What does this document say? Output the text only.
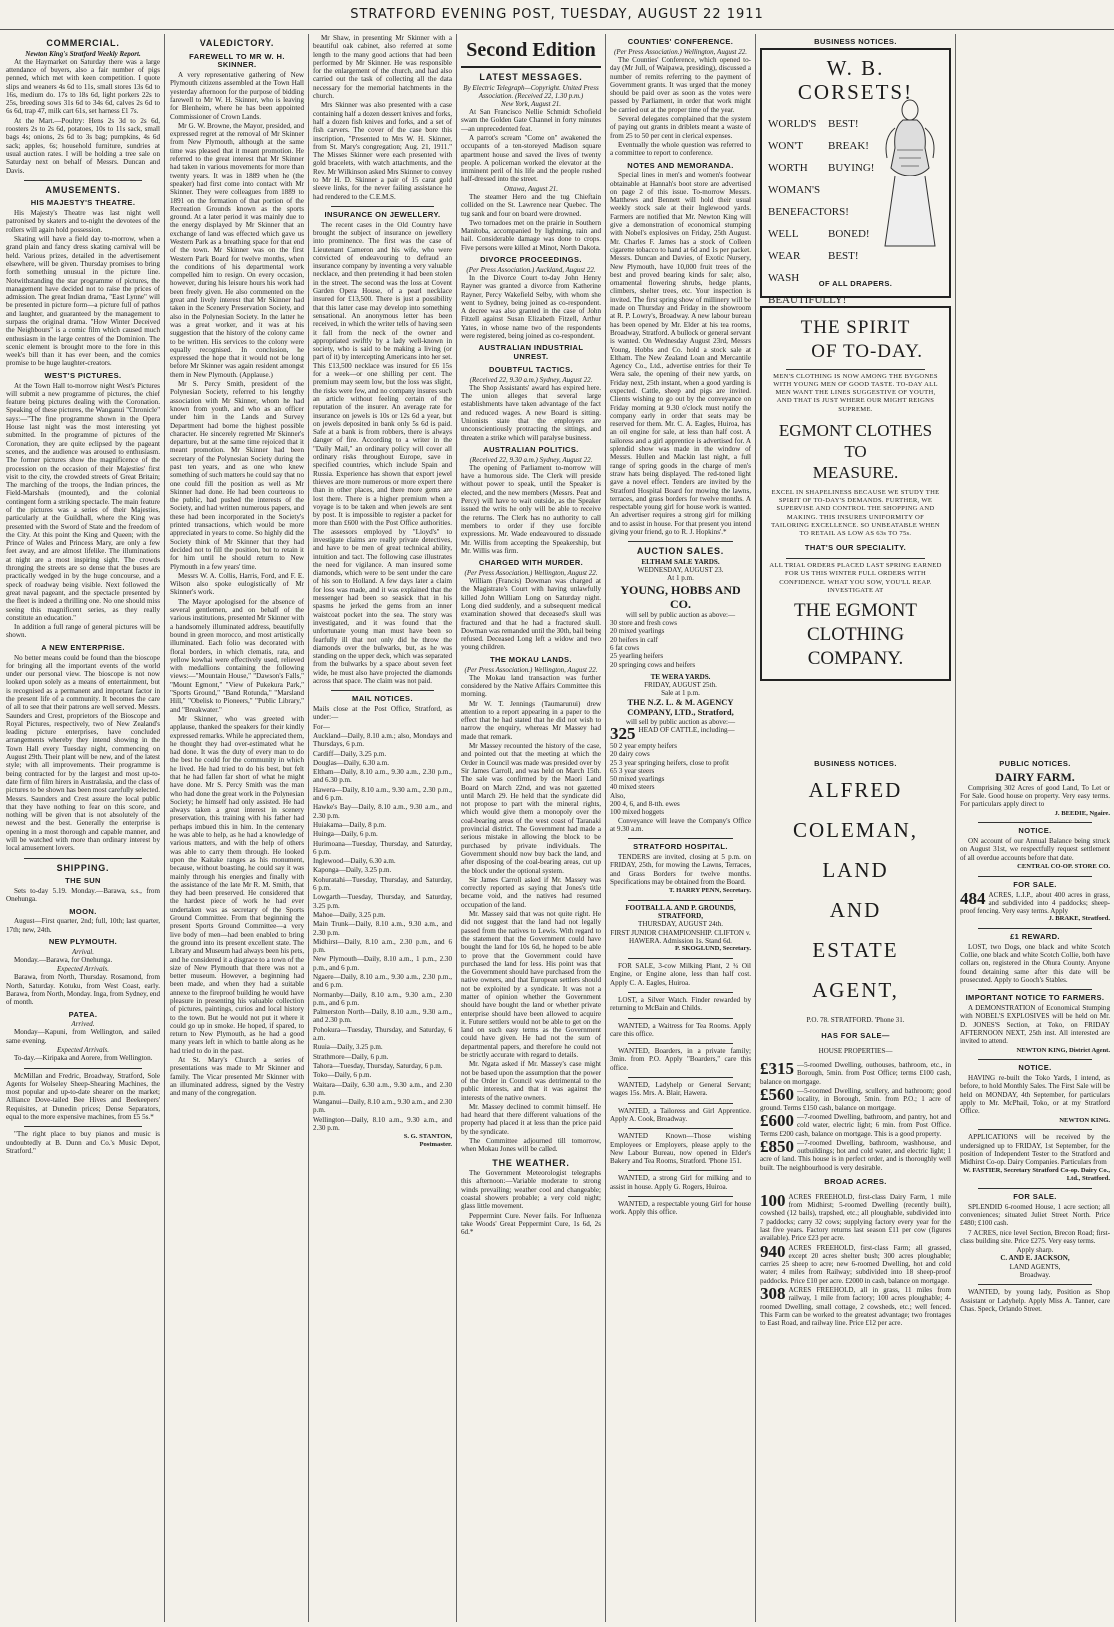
STRATFORD EVENING POST, TUESDAY, AUGUST 22 1911
COMMERCIAL.
Newton King's Stratford Weekly Report.

At the Haymarket on Saturday there was a large attendance of buyers, also a fair number of pigs penned, which met with keen competition. I quote slips and weaners 4s 6d to 11s, small stores 13s 6d to 16s, medium do. 17s to 18s 6d, light porkers 22s to 25s, breeding sows 31s 6d to 34s 6d, calves 2s 6d to 6s 6d, trap 47, milk cart 61s, set harness £1 7s.

At the Mart.—Poultry: Hens 2s 3d to 2s 6d, roosters 2s to 2s 6d, potatoes, 10s to 11s sack, small bags 4s; onions, 2s 6d to 3s bag; pumpkins, 4s 6d sack; apples, 6s; household furniture, sundries at usual auction rates. I will be holding a tree sale on Saturday next on behalf of Messrs. Duncan and Davis.

AMUSEMENTS.
HIS MAJESTY'S THEATRE.

His Majesty's Theatre was last night well patronised by skaters and to-night the devotees of the rollers will again hold possession.

Skating will have a field day to-morrow, when a grand plain and fancy dress skating carnival will be held. Various prizes, detailed in the advertisement elsewhere, will be given. Thursday promises to bring forth something unusual in the picture line. Notwithstanding the star programme of pictures, the management have decided not to raise the prices of admission. The great Indian drama, "East Lynne" will be presented in picture form—a picture full of pathos and laughter, and guaranteed by the management to surpass the original drama. "How Winter Deceived the Neighbours" is a comic film which caused much enthusiasm in the large centres of the Dominion. The scenic element is brought more to the fore in this week's bill than it has ever been, and the comics promise to be huge laughter-creators.

WEST'S PICTURES.

At the Town Hall to-morrow night West's Pictures will submit a new programme of pictures, the chief feature being pictures dealing with the Coronation. Speaking of these pictures, the Wanganui "Chronicle" says:—"The fine programme shown in the Opera House last night was the most interesting yet submitted. In the programme of pictures of the Coronation, they are quite eclipsed by the pageant scenes, and the audience was aroused to enthusiasm. The former pictures show the magnificence of the procession on the occasion of their Majesties' first visit to the city, the crowded streets of Great Britain; The marching of the troops, the Indian princes, the Field-Marshals (mounted), and the colonial contingent form a striking spectacle. The main feature of the pictures was a series of their Majesties, particularly at the Guildhall, where the King was presented with the Sword of State and the freedom of the City. At this point the King and Queen; with the Prince of Wales and Princess Mary, are only a few feet away, and are almost lifelike. The illuminations at night are a most inspiring sight. The crowds thronging the streets are so dense that the buses are practically wedged in by the huge concourse, and a speck of roadway being visible. Next followed the great naval pageant, and the spectacle presented by the fleet is indeed a thrilling one. No one should miss seeing this magnificent series, as they really constitute an education."

In addition a full range of general pictures will be shown.

A NEW ENTERPRISE.

No better means could be found than the bioscope for bringing all the important events of the world under our personal view. The bioscope is not now looked upon solely as a means of entertainment, but is recognised as a permanent and important factor in the present life of a community. It becomes the care of all to see that their patrons are well served. Messrs. Saunders and Crest, proprietors of the Bioscope and Royal Pictures, respectively, two of New Zealand's leading picture enterprises, have concluded arrangements whereby they intend showing in the Town Hall every Tuesday night, commencing on August 29th. Their plant will be new, and of the latest style; with all improvements. Their programme is being contracted for by the largest and most up-to-date firm of film hirers in Australasia, and the class of pictures to be shown has been most carefully selected. Messrs. Saunders and Crest assure the local public that they have nothing to fear on this score, and nothing will be given that is not absolutely of the newest and the best. Generally the enterprise is opening in a most thorough and capable manner, and will be watched with more than ordinary interest by local amusement lovers.

SHIPPING.
THE SUN

Sets to-day 5.19. Monday.—Barawa, s.s., from Onehunga.

MOON.

August—First quarter, 2nd; full, 10th; last quarter, 17th; new, 24th.

NEW PLYMOUTH.
Arrival.

Monday.—Barawa, for Onehunga.

Expected Arrivals.

Barawa, from North, Thursday. Rosamond, from North, Saturday. Kotuku, from West Coast, early. Barawa, from North, Monday. Inga, from Sydney, end of month.

PATEA.
Arrived.

Monday—Kapuni, from Wellington, and sailed same evening.

Expected Arrivals.

To-day.—Kiripaka and Aorere, from Wellington.

McMillan and Fredric, Broadway, Stratford, Sole Agents for Wolseley Sheep-Shearing Machines, the most popular and up-to-date shearer on the market; Alliance Dove-tailed Bee Hives and Beekeepers' Requisites, at Dunedin prices; Dense Separators, equal to the more expensive machines, from £5 5s.*

"The right place to buy pianos and music is undoubtedly at B. Dunn and Co.'s Music Depot, Stratford."

VALEDICTORY.
FAREWELL TO MR W. H. SKINNER.

A very representative gathering of New Plymouth citizens assembled at the Town Hall yesterday afternoon for the purpose of bidding farewell to Mr W. H. Skinner, who is leaving for Blenheim, where he has been appointed Commissioner of Crown Lands.

Mr G. W. Browne, the Mayor, presided, and expressed regret at the removal of Mr Skinner from New Plymouth, although at the same time was pleased that it meant promotion. He referred to the great interest that Mr Skinner had taken in various movements for more than twenty years. It was in 1889 when he (the speaker) had first come into contact with Mr Skinner. They were colleagues from 1889 to 1891 on the formation of that portion of the Recreation Grounds known as the sports ground. At a later period it was mainly due to the energy displayed by Mr Skinner that an exchange of land was effected which gave us Western Park as a breathing space for that end of the town. Mr Skinner was on the first Western Park Board for twelve months, when the conditions of his departmental work compelled him to resign. On every occasion, however, during his leisure hours his work had been freely given. He also commented on the great and lively interest that Mr Skinner had taken in the Scenery Preservation Society, and also in the Polynesian Society. In the latter he was a great worker, and it was at his suggestion that the history of the colony came to be written. His services to the colony were equally recognised. In conclusion, he expressed the hope that it would not be long before Mr Skinner was again resident amongst them in New Plymouth. (Applause.)

Mr S. Percy Smith, president of the Polynesian Society, referred to his lengthy association with Mr Skinner, whom he had known from youth, and who as an officer under him in the Lands and Survey Department had borne the highest possible character. He sincerely regretted Mr Skinner's departure, but at the same time rejoiced that it meant promotion. Mr Skinner had been secretary of the Polynesian Society during the past ten years, and as one who knew something of such matters he could say that no one could fill the position as well as Mr Skinner had done. He had been courteous to the public, had pushed the interests of the Society, and had written numerous papers, and these had been incorporated in the Society's printed transactions, which would be more appreciated in years to come. So highly did the Society think of Mr Skinner that they had decided not to fill the position, but to retain it for him until he should return to New Plymouth in a few years' time.

Messrs W. A. Collis, Harris, Ford, and F. E. Wilson also spoke eulogistically of Mr Skinner's work.

The Mayor apologised for the absence of several gentlemen, and on behalf of the various institutions, presented Mr Skinner with a handsomely illuminated address, beautifully bound in green morocco, and most artistically illuminated. Each folio was decorated with floral borders, in which clematis, rata, and yellow kowhai were effectively used, relieved with medallions containing the following views:—"Mountain House," "Dawson's Falls," "Mount Egmont," "View of Pukekura Park," "Sports Ground," "Band Rotunda," "Marsland Hill," "Obelisk to Pioneers," "Public Library," and "Breakwater."

Mr Skinner, who was greeted with applause, thanked the speakers for their kindly expressed remarks. While he appreciated them, he thought they had over-estimated what he had done. It was the duty of every man to do the best he could for the community in which he lived. He had tried to do his best, but felt that he had fallen far short of what he might have done. Mr S. Percy Smith was the man who had done the great work in the Polynesian Society; he himself had only assisted. He had always taken a great interest in scenery preservation, this training with his father had perhaps imbued this in him. In the centenary he was able to help, as he had a knowledge of various matters, and with the help of others was able to carry them through. He looked upon the Kaitake ranges as his monument, because, without boasting, he could say it was mainly through his energies and finally with the assistance of the late Mr R. M. Smith, that they had been preserved. He considered that the hardest piece of work he had ever undertaken was as secretary of the Sports Ground Committee. From that beginning the present Sports Ground Committee—a very live body of men—had been enabled to bring the ground into its present excellent state. The Library and Museum had always been his pets, and he considered it a disgrace to a town of the size of New Plymouth that there was not a better museum. However, a beginning had been made, and when they had a suitable annexe to the fireproof building he would have pleasure in presenting his valuable collection of pictures, paintings, curios and local history to the town. But he would not put it where it could go up in smoke. He hoped, if spared, to return to New Plymouth, as he had a good many years left in which to battle along as he had tried to do in the past.

At St. Mary's Church a series of presentations was made to Mr Skinner and family. The Vicar presented Mr Skinner with an illuminated address, signed by the Vestry and many of the congregation.

Mr Shaw, in presenting Mr Skinner with a beautiful oak cabinet, also referred at some length to the many good actions that had been performed by Mr Skinner. He was responsible for the enlargement of the church, and had also carried out the task of collecting all the data necessary for the memorial hatchments in the church.

Mrs Skinner was also presented with a case containing half a dozen dessert knives and forks, half a dozen fish knives and forks, and a set of fish carvers. The cover of the case bore this inscription, "Presented to Mrs W. H. Skinner, from St. Mary's congregation; Aug. 21, 1911." The Misses Skinner were each presented with gold bracelets, with watch attachments, and the Rev. Mr Wilkinson asked Mrs Skinner to convey to Mr H. D. Skinner a pair of 15 carat gold sleeve links, for the never failing assistance he had rendered to the C.E.M.S.

INSURANCE ON JEWELLERY.

The recent cases in the Old Country have brought the subject of insurance on jewellery into prominence. The first was the case of Lieutenant Cameron and his wife, who were convicted of endeavouring to defraud an insurance company by inventing a very valuable necklace, and then pretending it had been stolen in the street. The second was the loss at Covent Garden Opera House, of a pearl necklace insured for £13,500. There is just a possibility that this latter case may develop into something sensational. An anonymous letter has been received, in which the writer tells of having seen it fall from the neck of the owner and appropriated swiftly by a lady well-known in society, who is said to be making a living (or part of it) by intercepting Americans into her set. This £13,500 necklace was insured for £6 15s for a week—or one shilling per cent. The premium may seem low, but the loss was slight, the risks were few, and no company insures such an article without feeling certain of the reputation of the insurer. An average rate for insurance on jewels is 10s or 12s 6d a year, but on jewels deposited in bank only 5s 6d is paid. Safe at a bank is from robbers, there is always danger of fire. According to a writer in the "Daily Mail," an ordinary policy will cover all ordinary risks throughout Europe, save in specified countries, which include Spain and Russia. Experience has shown that export jewel thieves are more numerous or more expert there than in other places, and there more gems are lost there. There is a higher premium when a voyage is to be taken and when jewels are sent by post. It is impossible to register a packet for more than £600 with the Post Office authorities. The assessors employed by "Lloyd's" to investigate claims are really private detectives, and have to be men of great technical ability, intuition and tact. The following case illustrates the need for vigilance. A man insured some diamonds, which were to be sent under the care of his son to Holland. A few days later a claim for loss was made, and it was explained that the messenger had been so seasick that in his spasms he jerked the gems from an inner waistcoat pocket into the sea. The story was investigated, and it was found that the unfortunate young man must have been so fearfully ill that not only did he throw the diamonds over the bulwarks, but, as he was standing on the upper deck, which was separated from the bulwarks by a space about seven feet wide, he must also have projected the diamonds across that space. The claim was not paid.

MAIL NOTICES.

Mails close at the Post Office, Stratford, as under:—

For—

Auckland—Daily, 8.10 a.m.; also, Mondays and Thursdays, 6 p.m.

Cardiff—Daily, 3.25 p.m.

Douglas—Daily, 6.30 a.m.

Eltham—Daily, 8.10 a.m., 9.30 a.m., 2.30 p.m., and 6.30 p.m.

Hawera—Daily, 8.10 a.m., 9.30 a.m., 2.30 p.m., and 6 p.m.

Hawke's Bay—Daily, 8.10 a.m., 9.30 a.m., and 2.30 p.m.

Huiakama—Daily, 8 p.m.

Huinga—Daily, 6 p.m.

Hurimoana—Tuesday, Thursday, and Saturday, 6 p.m.

Inglewood—Daily, 6.30 a.m.

Kaponga—Daily, 3.25 p.m.

Kohuratahi—Tuesday, Thursday, and Saturday, 6 p.m.

Lowgarth—Tuesday, Thursday, and Saturday, 3.25 p.m.

Mahoe—Daily, 3.25 p.m.

Main Trunk—Daily, 8.10 a.m., 9.30 a.m., and 2.30 p.m.

Midhirst—Daily, 8.10 a.m., 2.30 p.m., and 6 p.m.

New Plymouth—Daily, 8.10 a.m., 1 p.m., 2.30 p.m., and 6 p.m.

Ngaere—Daily, 8.10 a.m., 9.30 a.m., 2.30 p.m., and 6 p.m.

Normanby—Daily, 8.10 a.m., 9.30 a.m., 2.30 p.m., and 6 p.m.

Palmerston North—Daily, 8.10 a.m., 9.30 a.m., and 2.30 p.m.

Pohokura—Tuesday, Thursday, and Saturday, 6 a.m.

Ruuia—Daily, 3.25 p.m.

Strathmore—Daily, 6 p.m.

Tahora—Tuesday, Thursday, Saturday, 6 p.m.

Toko—Daily, 6 p.m.

Waitara—Daily, 6.30 a.m., 9.30 a.m., and 2.30 p.m.

Wanganui—Daily, 8.10 a.m., 9.30 a.m., and 2.30 p.m.

Wellington—Daily, 8.10 a.m., 9.30 a.m., and 2.30 p.m.

S. G. STANTON,
Postmaster.
Second Edition
LATEST MESSAGES.
By Electric Telegraph—Copyright. United Press Association. (Received 22, 1.30 p.m.)
New York, August 21.

At San Francisco Nellie Schmidt Schofield swam the Golden Gate Channel in forty minutes—an unprecedented feat.

A parrot's scream "Come on" awakened the occupants of a ten-storeyed Madison square apartment house and saved the lives of twenty people. A policeman worked the elevator at the imminent peril of his life and the people rushed half-dressed into the street.

Ottawa, August 21.

The steamer Hero and the tug Chieftain collided on the St. Lawrence near Quebec. The tug sank and four on board were drowned.

Two tornadoes met on the prairie in Southern Manitoba, accompanied by lightning, rain and hail. Considerable damage was done to crops. Five persons were killed at Minot, North Dakota.

DIVORCE PROCEEDINGS.
(Per Press Association.) Auckland, August 22.

In the Divorce Court to-day John Henry Rayner was granted a divorce from Katherine Rayner, Percy Wakefield Selby, with whom she went to Sydney, being joined as co-respondent. A decree was also granted in the case of John Fitzell against Susan Elizabeth Fitzell, Arthur Yates, in whose name two of the respondents were registered, being joined as co-respondent.

AUSTRALIAN INDUSTRIAL UNREST.
DOUBTFUL TACTICS.
(Received 22, 9.30 a.m.) Sydney, August 22.

The Shop Assistants' award has expired here. The union alleges that several large establishments have taken advantage of the fact and reduced wages. A new Board is sitting. Unionists state that the employers are unconscientiously protracting the sittings, and threaten a strike which will paralyse business.

AUSTRALIAN POLITICS.
(Received 22, 9.30 a.m.) Sydney, August 22.

The opening of Parliament to-morrow will have a humorous side. The Clerk will preside without power to speak, until the Speaker is elected, and the new members (Messrs. Peat and Percy) will have to wait outside, as the Speaker issued the writs he only will be able to receive the returns. The Clerk has no authority to call members to order if they use forcible expressions. Mr. Wade endeavoured to dissuade Mr. Willis from accepting the Speakership, but Mr. Willis was firm.

CHARGED WITH MURDER.
(Per Press Association.) Wellington, August 22.

William (Francis) Dowman was charged at the Magistrate's Court with having unlawfully killed John William Long on Saturday night. Long died suddenly, and a subsequent medical examination showed that deceased's skull was fractured and that he had a fractured skull. Dowman was remanded until the 30th, bail being refused. Deceased Long left a widow and two young children.

THE MOKAU LANDS.
(Per Press Association.) Wellington, August 22.

The Mokau land transaction was further considered by the Native Affairs Committee this morning.

Mr W. T. Jennings (Taumarunui) drew attention to a report appearing in a paper to the effect that he had stated that he did not wish to narrow the enquiry, whereas Mr Massey had made that remark.

Mr Massey recounted the history of the case, and pointed out that the meeting at which the Order in Council was made was presided over by Sir James Carroll, and was held on March 15th. The sale was confirmed by the Maori Land Board on March 22nd, and was not gazetted until March 29. He held that the syndicate did not propose to part with the mineral rights, which would give them a monopoly over the coal-bearing areas of the west coast of Taranaki provincial district. The Government had made a serious mistake in allowing the block to be purchased by private individuals. The Government should now buy back the land, and after disposing of the coal-bearing areas, cut up the block under the optional system.

Sir James Carroll asked if Mr. Massey was correctly reported as saying that Jones's title became void, and the natives had resumed occupation of the land.

Mr. Massey said that was not quite right. He did not suggest that the land had not legally passed from the natives to Lewis. With regard to the statement that the Government could have bought the land for 10s 6d, he hoped to be able to prove that the Government could have purchased the land for less. His point was that the Government should have purchased from the native owners, and that European settlers should not be exploited by a syndicate. It was not a matter of opinion whether the Government should have bought the land or whether private enterprise should have been allowed to acquire it. Future settlers would not be able to get on the land on such easy terms as the Government could have given. He had not the sum of departmental papers, and therefore he could not be strictly accurate with regard to details.

Mr. Ngata asked if Mr. Massey's case might not be based upon the assumption that the power of the Order in Council was detrimental to the public interests, and that it was against the interests of the native owners.

Mr. Massey declined to commit himself. He had heard that there different valuations of the property had placed it at less than the price paid by the syndicate.

The Committee adjourned till tomorrow, when Mokau Jones will be called.

THE WEATHER.

The Government Meteorologist telegraphs this afternoon:—Variable moderate to strong winds prevailing; weather cool and changeable; coastal showers probable; a very cold night; glass little movement.

Peppermint Cure. Never fails. For Influenza take Woods' Great Peppermint Cure, 1s 6d, 2s 6d.*

COUNTIES' CONFERENCE.
(Per Press Association.) Wellington, August 22.

The Counties' Conference, which opened to-day (Mr Jull, of Waipawa, presiding), discussed a number of remits referring to the payment of Government grants. It was urged that the money should be paid over as soon as the votes were passed by Parliament, in order that work might be carried out at the proper time of the year.

Several delegates complained that the system of paying out grants in driblets meant a waste of from 25 to 50 per cent in clerical expenses.

Eventually the whole question was referred to a committee to report to conference.

NOTES AND MEMORANDA.

Special lines in men's and women's footwear obtainable at Hannah's boot store are advertised on page 2 of this issue. To-morrow Messrs. Matthews and Bennett will hold their usual weekly stock sale at their Inglewood yards. Farmers are notified that Mr. Newton King will give a demonstration of economical stumping with Nobel's explosives on Friday, 25th August. Mr. Charles F. James has a stock of Colleen cigarette tobacco to hand at 6d and 1s per packet. Messrs. Duncan and Davies, of Exotic Nursery, New Plymouth, have 10,000 fruit trees of the best and proved bearing kinds for sale; also, ornamental flowering shrubs, hedge plants, climbers, shelter trees, etc. Your inspection is invited. The first spring show of millinery will be made on Thursday and Friday in the showroom at R. P. Lowry's, Broadway. A new labour bureau has been opened by Mr. Elder at his tea rooms, Broadway, Stratford. A bullock or general servant is wanted. On Wednesday August 23rd, Messrs Young, Hobbs and Co. hold a stock sale at Eltham. The New Zealand Loan and Mercantile Agency Co., Ltd., advertise entries for their Te Wera sale, the opening of their new yards, on Friday next, 25th instant, when a good yarding is expected. Cattle, sheep and pigs are invited. Clients wishing to go out by the conveyance on Friday morning at 9.30 o'clock must notify the company early in order that seats may be reserved for them. Mr. C. A. Eagles, Huiroa, has an oil engine for sale, at less than half cost. A tailoress and a girl apprentice is advertised for. A splendid show was made in the window of Messrs. Hullen and Mackin last night, a full range of spring goods in the charge of men's straw hats being displayed. The red-toned light gave a novel effect. Tenders are invited by the Stratford Hospital Board for mowing the lawns, terraces, and grass borders for twelve months. A respectable young girl for house work is wanted. An advertiser requires a strong girl for milking and to assist in house. For that present you intend giving your friend, go to R. J. Hopkins'.*

AUCTION SALES.
ELTHAM SALE YARDS.
WEDNESDAY, AUGUST 23.
At 1 p.m.
YOUNG, HOBBS AND CO.
will sell by public auction as above:—
30 store and fresh cows
20 mixed yearlings
20 heifers in calf
6 fat cows
25 yearling heifers
20 springing cows and heifers
TE WERA YARDS.
FRIDAY, AUGUST 25th.
Sale at 1 p.m.
THE N.Z. L. & M. AGENCY COMPANY, LTD., Stratford,
will sell by public auction as above:—
325 HEAD OF CATTLE, including—
50 2 year empty heifers
20 dairy cows
25 3 year springing heifers, close to profit
65 3 year steers
50 mixed yearlings
40 mixed steers
Also,
200 4, 6, and 8-tth. ewes
100 mixed hoggets

Conveyance will leave the Company's Office at 9.30 a.m.

STRATFORD HOSPITAL.

TENDERS are invited, closing at 5 p.m. on FRIDAY, 25th, for mowing the Lawns, Terraces, and Grass Borders for twelve months. Specifications may be obtained from the Board.

T. HARRY PENN, Secretary.
FOOTBALL A. AND P. GROUNDS, STRATFORD,
THURSDAY, AUGUST 24th.
FIRST JUNIOR CHAMPIONSHIP. CLIFTON v. HAWERA. Admission 1s. Stand 6d.
P. SKOGLUND, Secretary.

FOR SALE, 3-cow Milking Plant, 2 ¾ Oil Engine, or Engine alone, less than half cost. Apply C. A. Eagles, Huiroa.

LOST, a Silver Watch. Finder rewarded by returning to McBain and Childs.

WANTED, a Waitress for Tea Rooms. Apply care this office.

WANTED, Boarders, in a private family; 3min. from P.O. Apply "Boarders," care this office.

WANTED, Ladyhelp or General Servant; wages 15s. Mrs. A. Blair, Hawera.

WANTED, a Tailoress and Girl Apprentice. Apply A. Cook, Broadway.

WANTED Known—Those wishing Employees or Employers, please apply to the New Labour Bureau, now opened in Elder's Bakery and Tea Rooms, Stratford. 'Phone 151.

WANTED, a strong Girl for milking and to assist in house. Apply G. Rogers, Huiroa.

WANTED, a respectable young Girl for house work. Apply this office.

BUSINESS NOTICES.
W. B. CORSETS!
WORLD'S BEST!
WON'T BREAK!
WORTH BUYING!
WOMAN'SBENEFACTORS!
WELL	BONED!
WEAR	BEST!
WASHBEAUTIFULLY!
OF ALL DRAPERS.
THE SPIRIT
OF TO-DAY.
MEN'S CLOTHING IS NOW AMONG THE BYGONES WITH YOUNG MEN OF GOOD TASTE. TO-DAY ALL MEN WANT THE LINES SUGGESTIVE OF YOUTH, AND THAT IS JUST WHERE OUR MIGHT REIGNS SUPREME.
EGMONT CLOTHES TO
MEASURE.
EXCEL IN SHAPELINESS BECAUSE WE STUDY THE SPIRIT OF TO-DAY'S DEMANDS. FURTHER, WE SUPERVISE AND CONTROL THE SHOPPING AND MAKING. THIS INSURES UNIFORMITY OF TAILORING EXCELLENCE. SO UNBEATABLE WHEN TO RETAIL AS LOW AS 63s TO 75s.
THAT'S OUR SPECIALITY.
ALL TRIAL ORDERS PLACED LAST SPRING EARNED FOR US THIS WINTER FULL ORDERS WITH CONFIDENCE. WHAT YOU SOW, YOU'LL REAP. INVESTIGATE AT
THE EGMONT CLOTHING
COMPANY.
BUSINESS NOTICES.
ALFRED
COLEMAN,
LAND
AND
ESTATE
AGENT,
P.O. 78. STRATFORD. 'Phone 31.
HAS FOR SALE—
HOUSE PROPERTIES—

£315 —5-roomed Dwelling, outhouses, bathroom, etc., in Borough, 5min. from Post Office; terms £100 cash, balance on mortgage.

£560 —5-roomed Dwelling, scullery, and bathroom; good locality, in Borough, 5min. from P.O.; 1 acre of ground. Terms £150 cash, balance on mortgage.

£600 —7-roomed Dwelling, bathroom, and pantry, hot and cold water, electric light; 6 min. from Post Office. Terms £200 cash, balance on mortgage. This is a good property.

£850 —7-roomed Dwelling, bathroom, washhouse, and outbuildings; hot and cold water, and electric light; 1 acre of land. This house is in perfect order, and is thoroughly well built. The neighbourhood is very desirable.

BROAD ACRES.

100 ACRES FREEHOLD, first-class Dairy Farm, 1 mile from Midhirst; 5-roomed Dwelling (recently built), cowshed (12 bails), trapshed, etc.; all ploughable, subdivided into 7 paddocks; carry 32 cows; supplying factory every year for the last five years. Factory returns last season £11 per cow (figures available). Price £23 per acre.

940 ACRES FREEHOLD, first-class Farm; all grassed, except 20 acres shelter bush; 300 acres ploughable; carries 25 sheep to acre; new 6-roomed Dwelling, hot and cold water; 4 miles from Railway; subdivided into 18 sheep-proof paddocks. Price £10 per acre. £2000 in cash, balance on mortgage.

308 ACRES FREEHOLD, all in grass, 11 miles from railway, 1 mile from factory; 100 acres ploughable; 4-roomed Dwelling, small cottage, 2 cowsheds, etc.; well fenced. This Farm can be worked to the greatest advantage; two frontages to East Road, and railway line. Price £12 per acre.

PUBLIC NOTICES.
DAIRY FARM.

Comprising 302 Acres of good Land, To Let or For Sale. Good house on property. Very easy terms. For particulars apply direct to

J. BEEDIE, Ngaire.
NOTICE.

ON account of our Annual Balance being struck on August 31st, we respectfully request settlement of all overdue accounts before that date.

CENTRAL CO-OP. STORE CO.
FOR SALE.
484 ACRES, L.I.P., about 400 acres in grass, and subdivided into 4 paddocks; sheep-proof fencing. Very easy terms. Apply
J. BRAKE, Stratford.
£1 REWARD.

LOST, two Dogs, one black and white Scotch Collie, one black and white Scotch Collie, both have collars on, registered in the Ohura County. Anyone found detaining same after this date will be prosecuted. Apply to Gooch's Stables.

IMPORTANT NOTICE TO FARMERS.

A DEMONSTRATION of Economical Stumping with NOBEL'S EXPLOSIVES will be held on Mr. D. JONES'S Section, at Toko, on FRIDAY AFTERNOON NEXT, 25th inst. All interested are invited to attend.

NEWTON KING, District Agent.
NOTICE.

HAVING re-built the Toko Yards, I intend, as before, to hold Monthly Sales. The First Sale will be held on MONDAY, 4th September, for particulars apply to Mr. McPhail, Toko, or at my Stratford Office.

NEWTON KING.

APPLICATIONS will be received by the undersigned up to FRIDAY, 1st September, for the position of Independent Tester to the Stratford and Midhirst Co-op. Dairy Companies. Particulars from

W. FASTIER, Secretary Stratford Co-op. Dairy Co., Ltd., Stratford.
FOR SALE.

SPLENDID 6-roomed House, 1 acre section; all conveniences; situated Juliet Street North. Price £480; £100 cash.

7 ACRES, nice level Section, Brecon Road; first-class building site. Price £275. Very easy terms.

Apply sharp.
C. AND E. JACKSON,
LAND AGENTS,
Broadway.

WANTED, by young lady, Position as Shop Assistant or Ladyhelp. Apply Miss A. Tanner, care Chas. Speck, Orlando Street.
